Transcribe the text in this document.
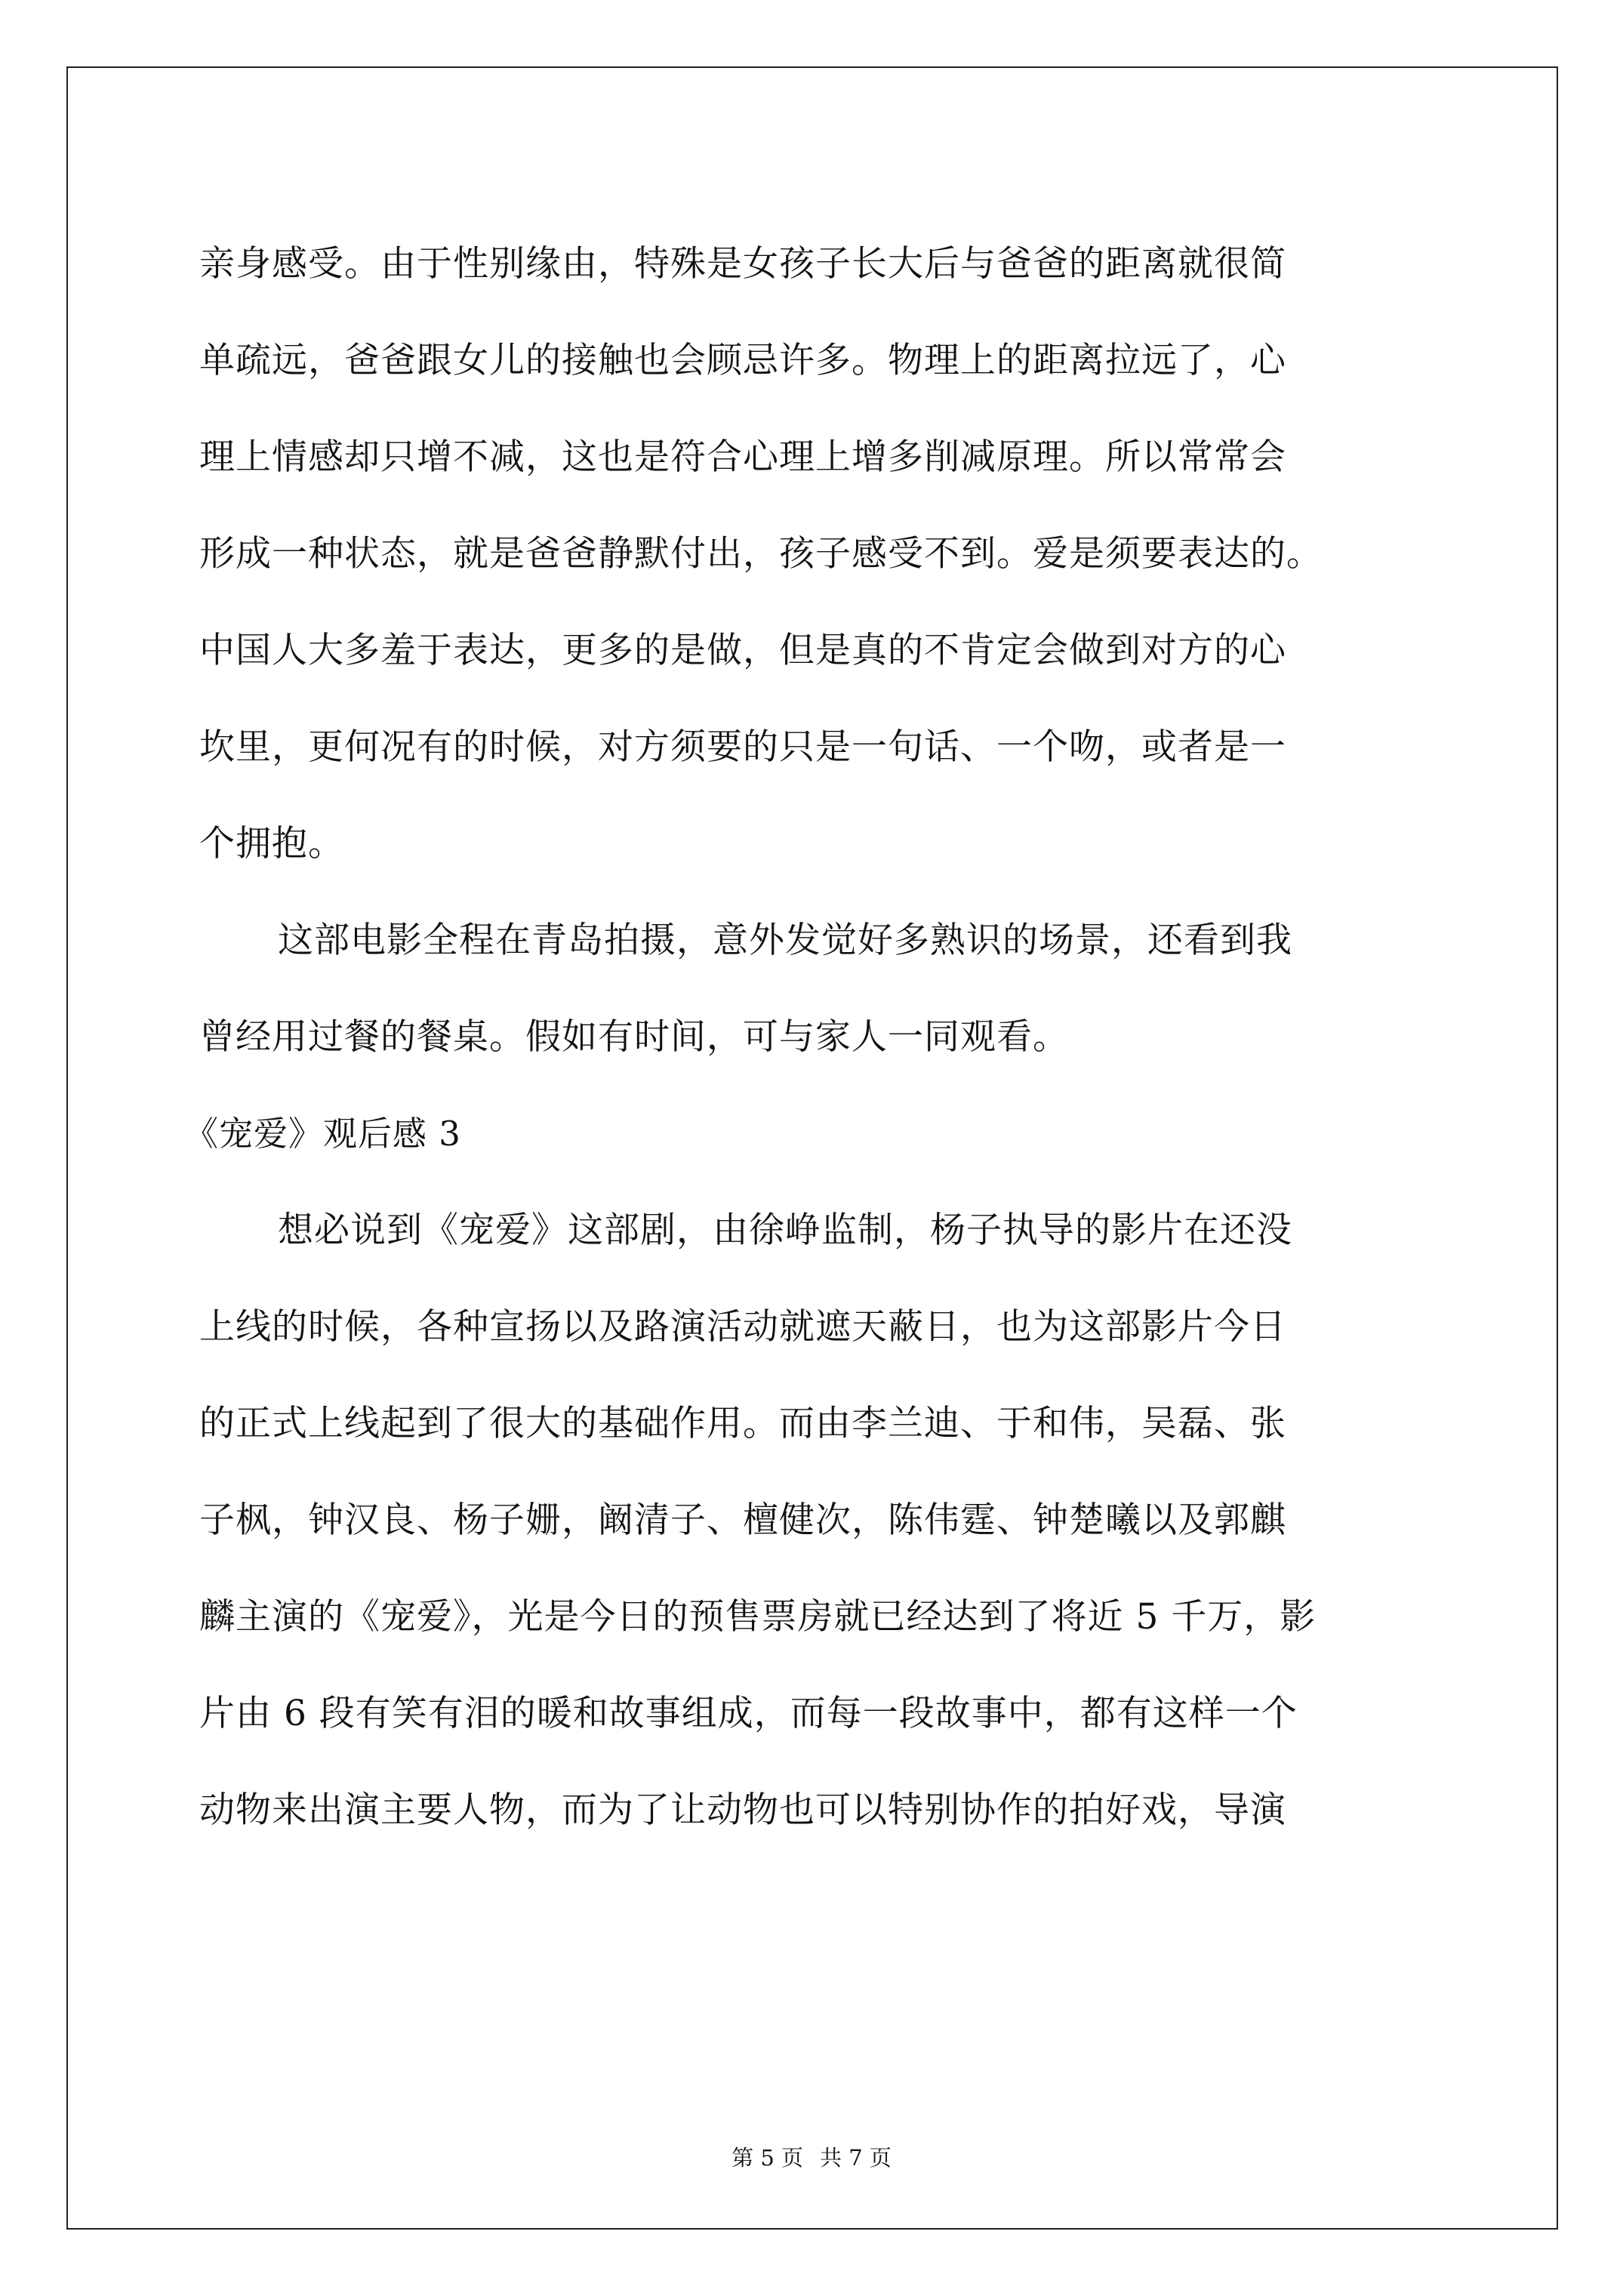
亲身感受。由于性别缘由，特殊是女孩子长大后与爸爸的距离就很简
单疏远，爸爸跟女儿的接触也会顾忌许多。物理上的距离拉远了，心
理上情感却只增不减，这也是符合心理上增多削减原理。所以常常会
形成一种状态，就是爸爸静默付出，孩子感受不到。爱是须要表达的。
中国人大多羞于表达，更多的是做，但是真的不肯定会做到对方的心
坎里，更何况有的时候，对方须要的只是一句话、一个吻，或者是一
个拥抱。
这部电影全程在青岛拍摄，意外发觉好多熟识的场景，还看到我
曾经用过餐的餐桌。假如有时间，可与家人一同观看。
《宠爱》观后感 3
想必说到《宠爱》这部剧，由徐峥监制，杨子执导的影片在还没
上线的时候，各种宣扬以及路演活动就遮天蔽日，也为这部影片今日
的正式上线起到了很大的基础作用。而由李兰迪、于和伟，吴磊、张
子枫，钟汉良、杨子姗，阚清子、檀健次，陈伟霆、钟楚曦以及郭麒
麟主演的《宠爱》，光是今日的预售票房就已经达到了将近 5 千万，影
片由 6 段有笑有泪的暖和故事组成，而每一段故事中，都有这样一个
动物来出演主要人物，而为了让动物也可以特别协作的拍好戏，导演
第 5 页 共 7 页
